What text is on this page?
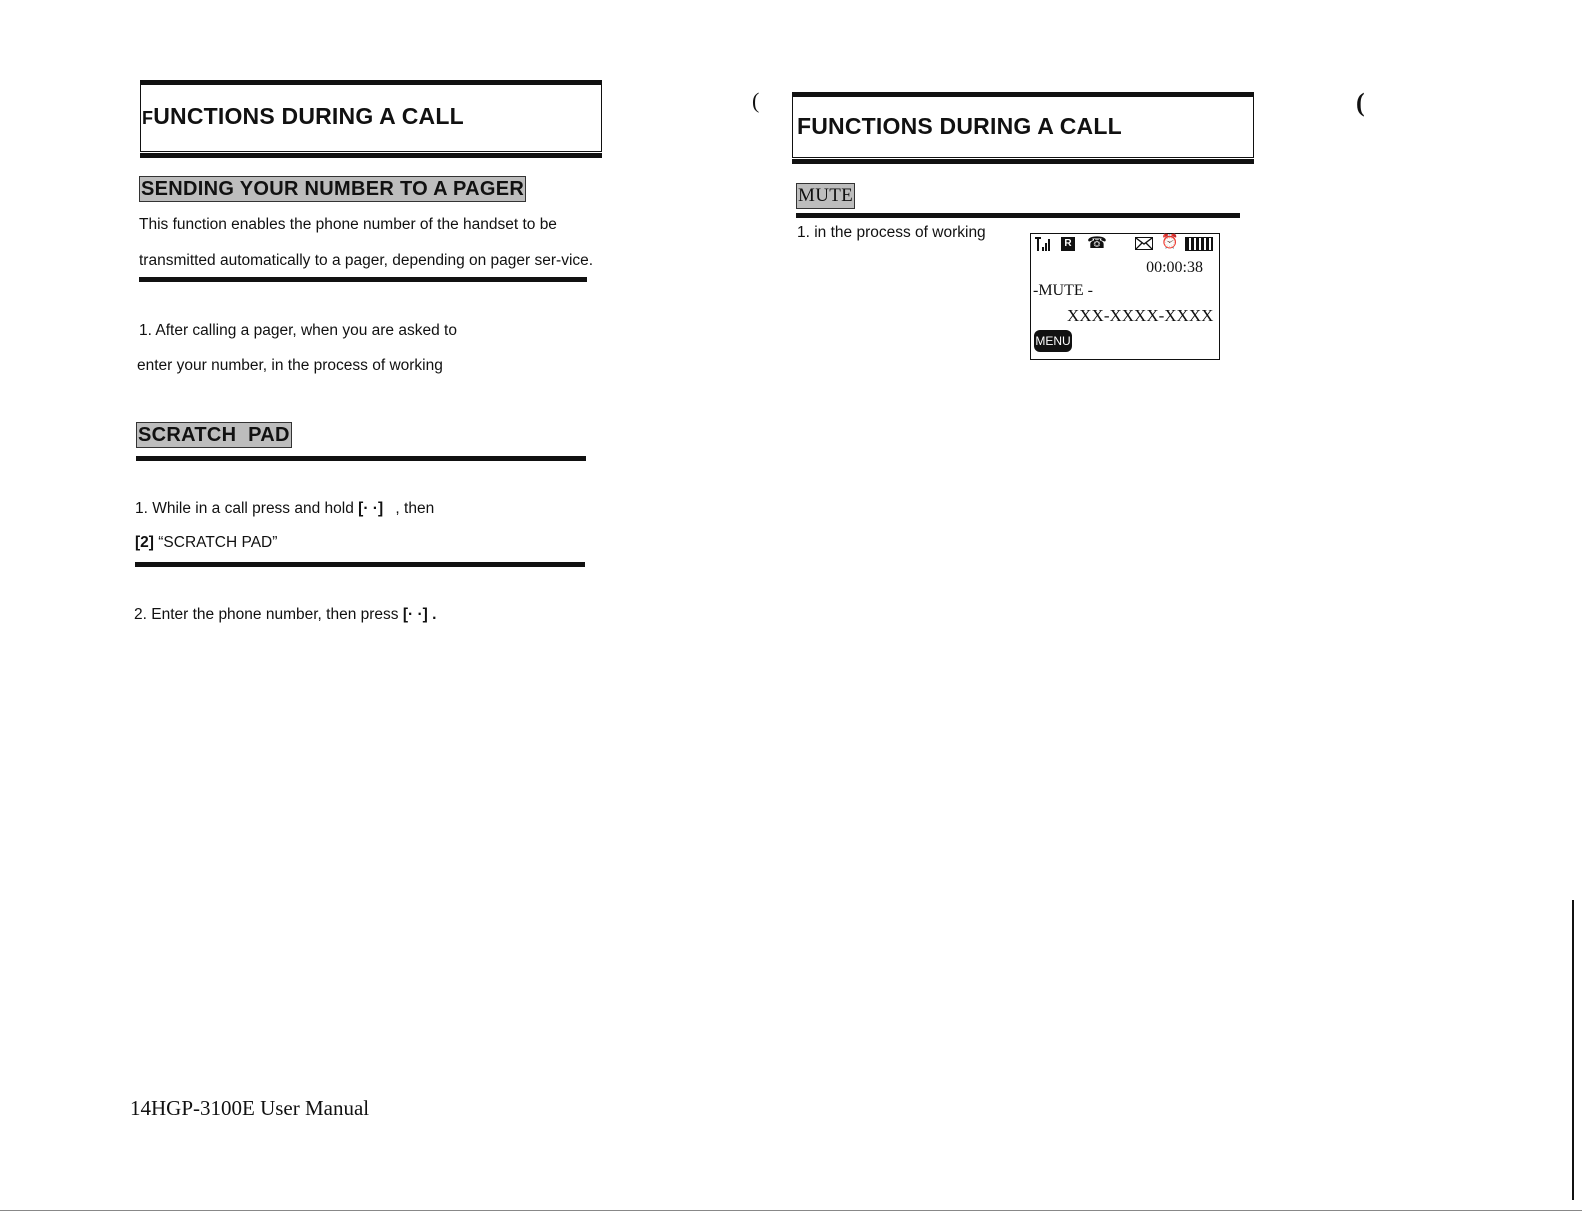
FUNCTIONS DURING A CALL
SENDING YOUR NUMBER TO A PAGER
This function enables the phone number of the handset to be
transmitted automatically to a pager, depending on pager ser-vice.
1. After calling a pager, when you are asked to
enter your number, in the process of working
SCRATCH  PAD
1. While in a call press and hold [· ·] , then
[2] “SCRATCH PAD”
2. Enter the phone number, then press [· ·] .
14HGP-3100E User Manual
(	(
FUNCTIONS DURING A CALL
MUTE
1. in the process of working
R ☎	⏰
00:00:38
-MUTE -
XXX-XXXX-XXXX
MENU
